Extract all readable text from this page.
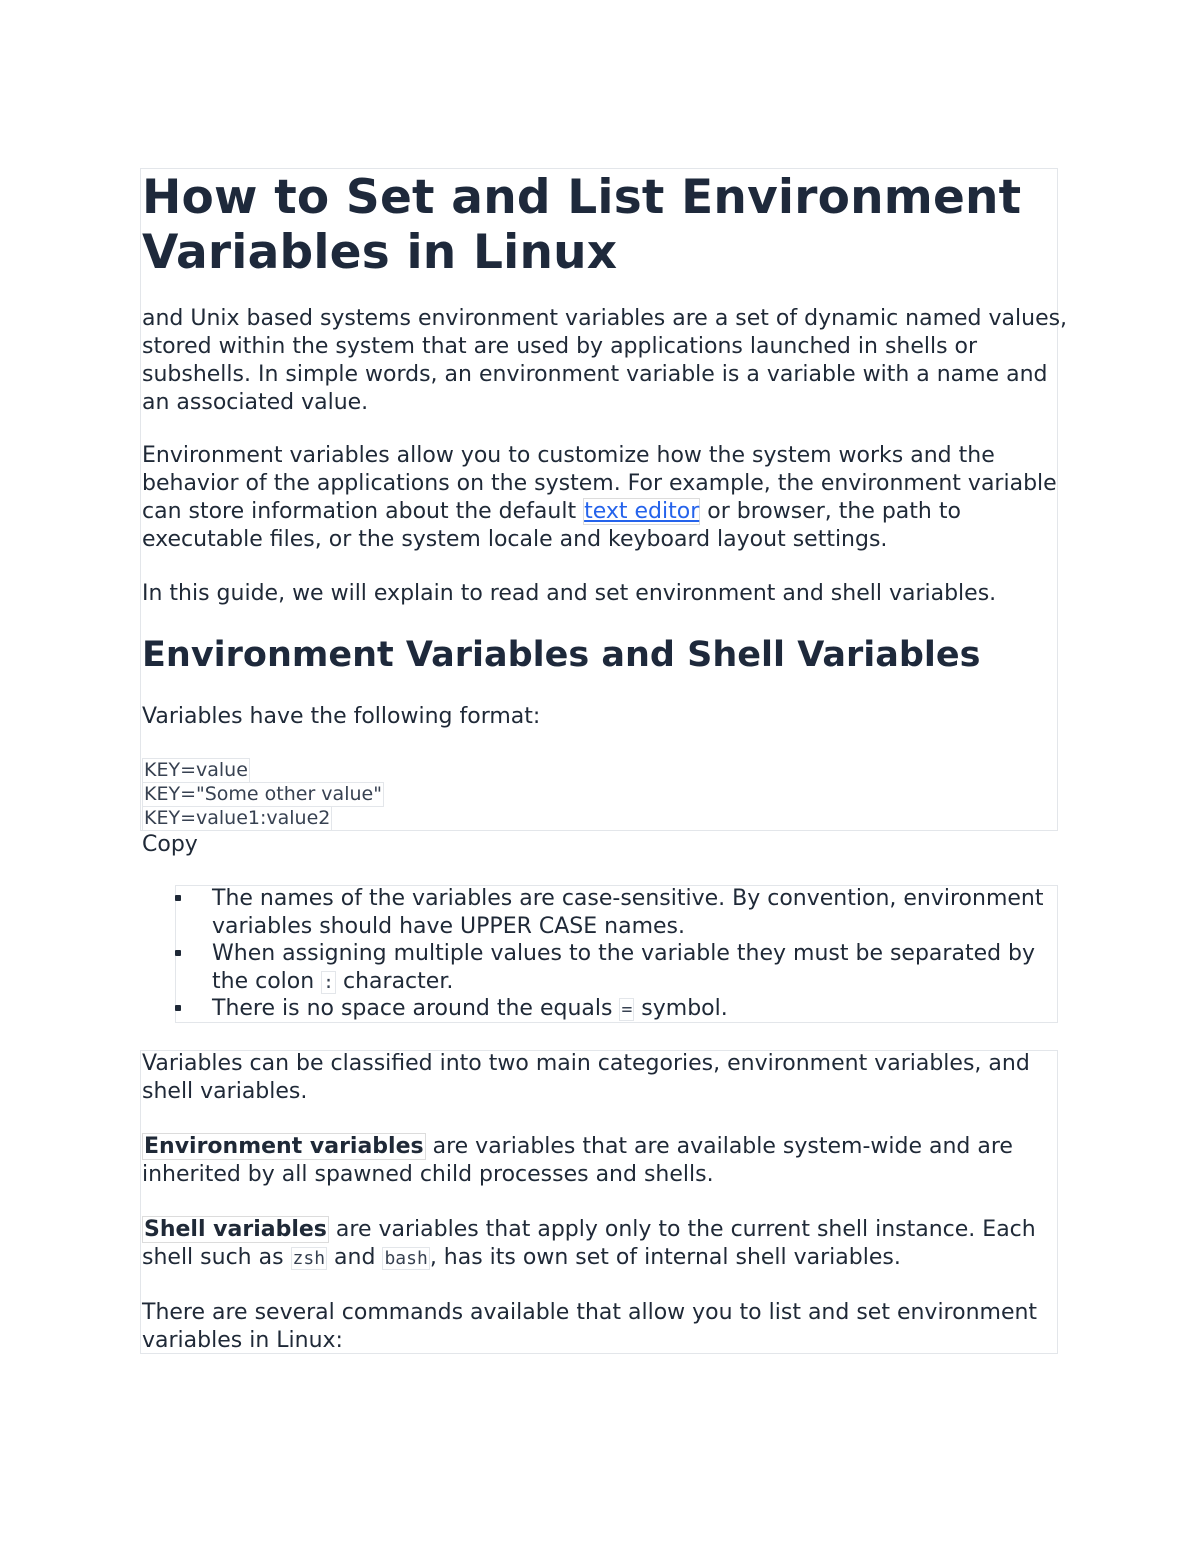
How to Set and List Environment Variables in Linux

and Unix based systems environment variables are a set of dynamic named values, stored within the system that are used by applications launched in shells or subshells. In simple words, an environment variable is a variable with a name and an associated value.

Environment variables allow you to customize how the system works and the behavior of the applications on the system. For example, the environment variable can store information about the default text editor or browser, the path to executable files, or the system locale and keyboard layout settings.

In this guide, we will explain to read and set environment and shell variables.

Environment Variables and Shell Variables

Variables have the following format:

KEY=value
KEY="Some other value"
KEY=value1:value2
Copy
The names of the variables are case-sensitive. By convention, environment variables should have UPPER CASE names.
When assigning multiple values to the variable they must be separated by the colon : character.
There is no space around the equals = symbol.

Variables can be classified into two main categories, environment variables, and shell variables.

Environment variables are variables that are available system-wide and are inherited by all spawned child processes and shells.

Shell variables are variables that apply only to the current shell instance. Each shell such as zsh and bash, has its own set of internal shell variables.

There are several commands available that allow you to list and set environment variables in Linux:
